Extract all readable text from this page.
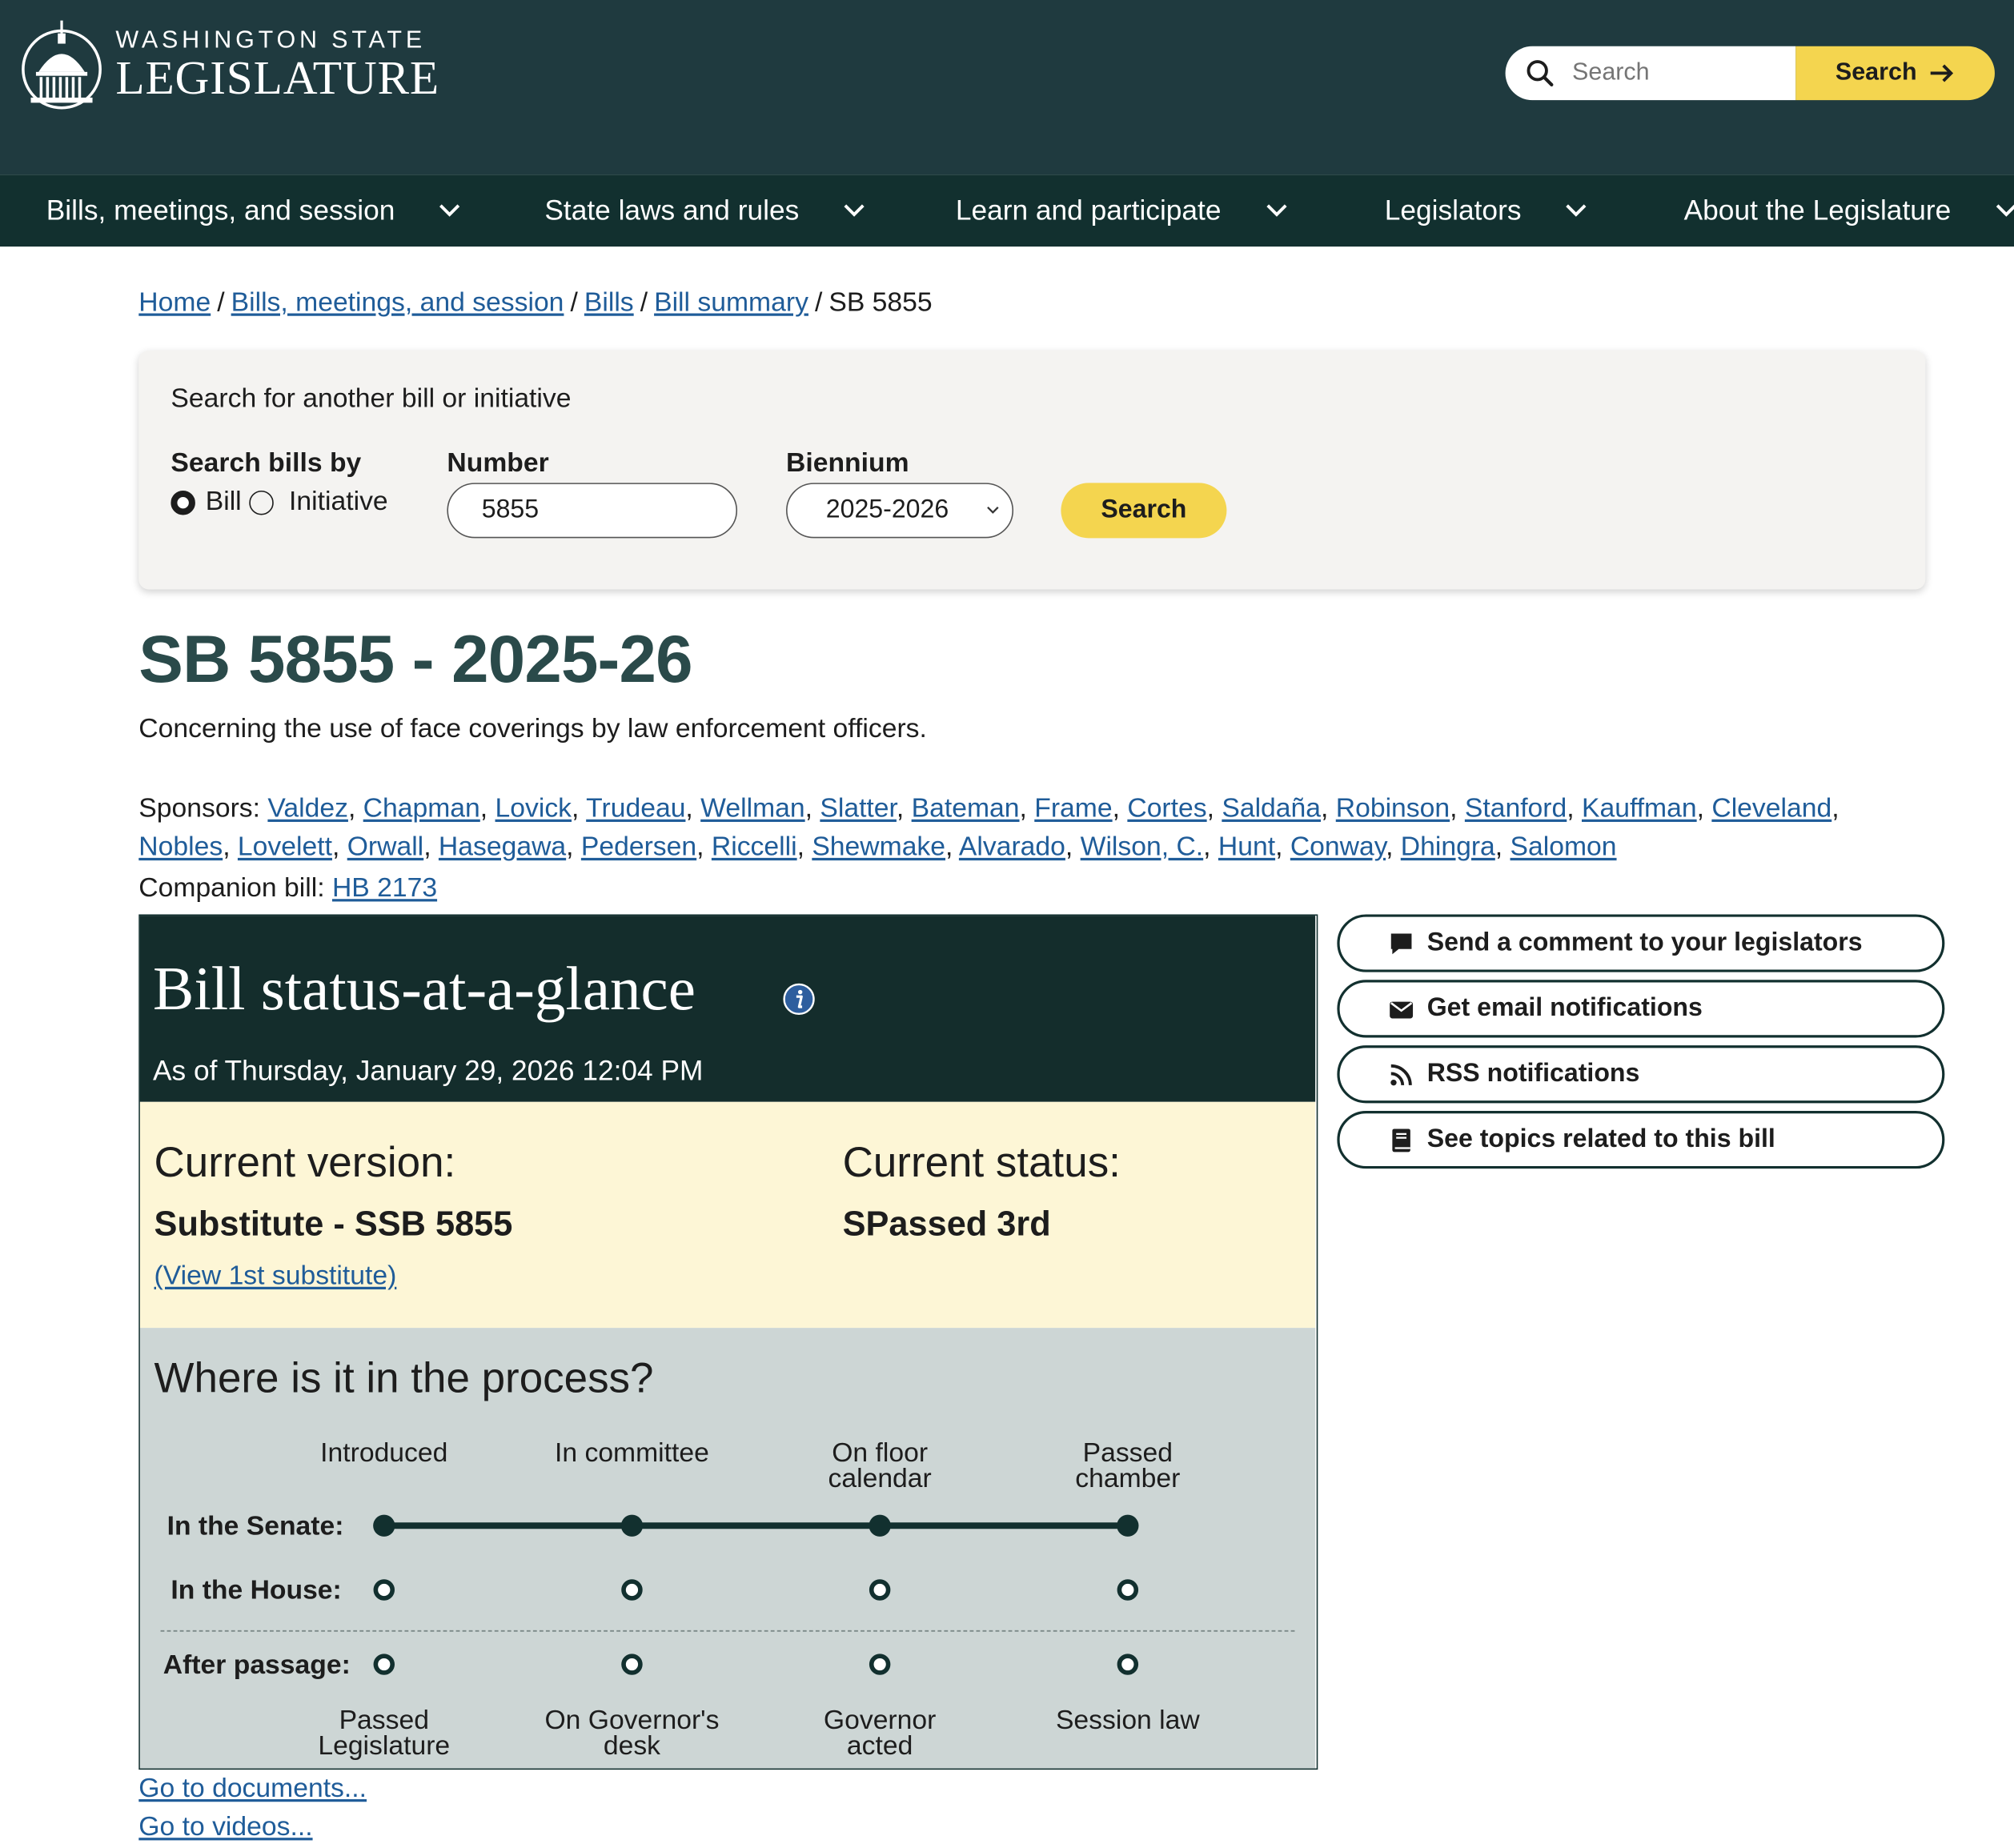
WASHINGTON STATE
LEGISLATURE
Search	Search
Bills, meetings, and session	State laws and rules	Learn and participate	Legislators	About the Legislature
Home / Bills, meetings, and session / Bills / Bill summary / SB 5855
Search for another bill or initiative
Search bills by
Bill	Initiative
Number
5855
Biennium
2025-2026	Search
SB 5855 - 2025-26
Concerning the use of face coverings by law enforcement officers.
Sponsors: Valdez, Chapman, Lovick, Trudeau, Wellman, Slatter, Bateman, Frame, Cortes, Saldaña, Robinson, Stanford, Kauffman, Cleveland,
Nobles, Lovelett, Orwall, Hasegawa, Pedersen, Riccelli, Shewmake, Alvarado, Wilson, C., Hunt, Conway, Dhingra, Salomon
Companion bill: HB 2173
Bill status-at-a-glance
As of Thursday, January 29, 2026 12:04 PM
Current version:
Substitute - SSB 5855
(View 1st substitute)
Current status:
SPassed 3rd
Where is it in the process?
Introduced	In committee	On floor
calendar
Passed
chamber
In the Senate:
In the House:
After passage:
Passed
Legislature
On Governor's
desk
Governor
acted
Session law
Send a comment to your legislators
Get email notifications
RSS notifications
See topics related to this bill
Go to documents...
Go to videos...
